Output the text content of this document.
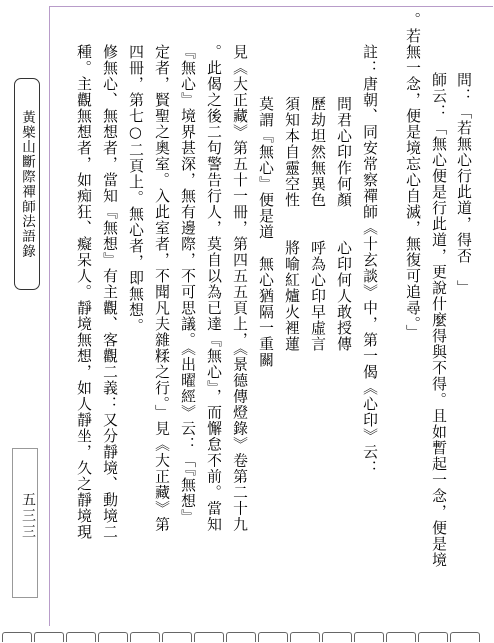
黃檗山斷際禪師法語錄
五三三
問：「若無心行此道，得否　」
師云：「無心便是行此道，更說什麼得與不得。且如暫起一念，便是境
。若無一念，便是境忘心自滅，無復可追尋。」
註：唐朝、同安常察禪師《十玄談》中，第一偈《心印》云：
問君心印作何顏　　心印何人敢授傳
歷劫坦然無異色　　呼為心印早虛言
須知本自靈空性　　將喻紅爐火裡蓮
莫謂『無心』便是道　無心猶隔一重關
見《大正藏》第五十一冊，第四五五頁上，《景德傳燈錄》卷第二十九
。此偈之後二句警告行人，莫自以為已達『無心』，而懈怠不前。當知
『無心』境界甚深，無有邊際，不可思議。《出曜經》云：「『無想』
定者，賢聖之奧室。入此室者，不聞凡夫雜糅之行。」見《大正藏》第
四冊，第七○二頁上。無心者，即無想。
修無心、無想者，當知『無想』有主觀、客觀二義：又分靜境、動境二
種。主觀無想者，如痴狂、癡呆人。靜境無想，如人靜坐，久之靜境現
